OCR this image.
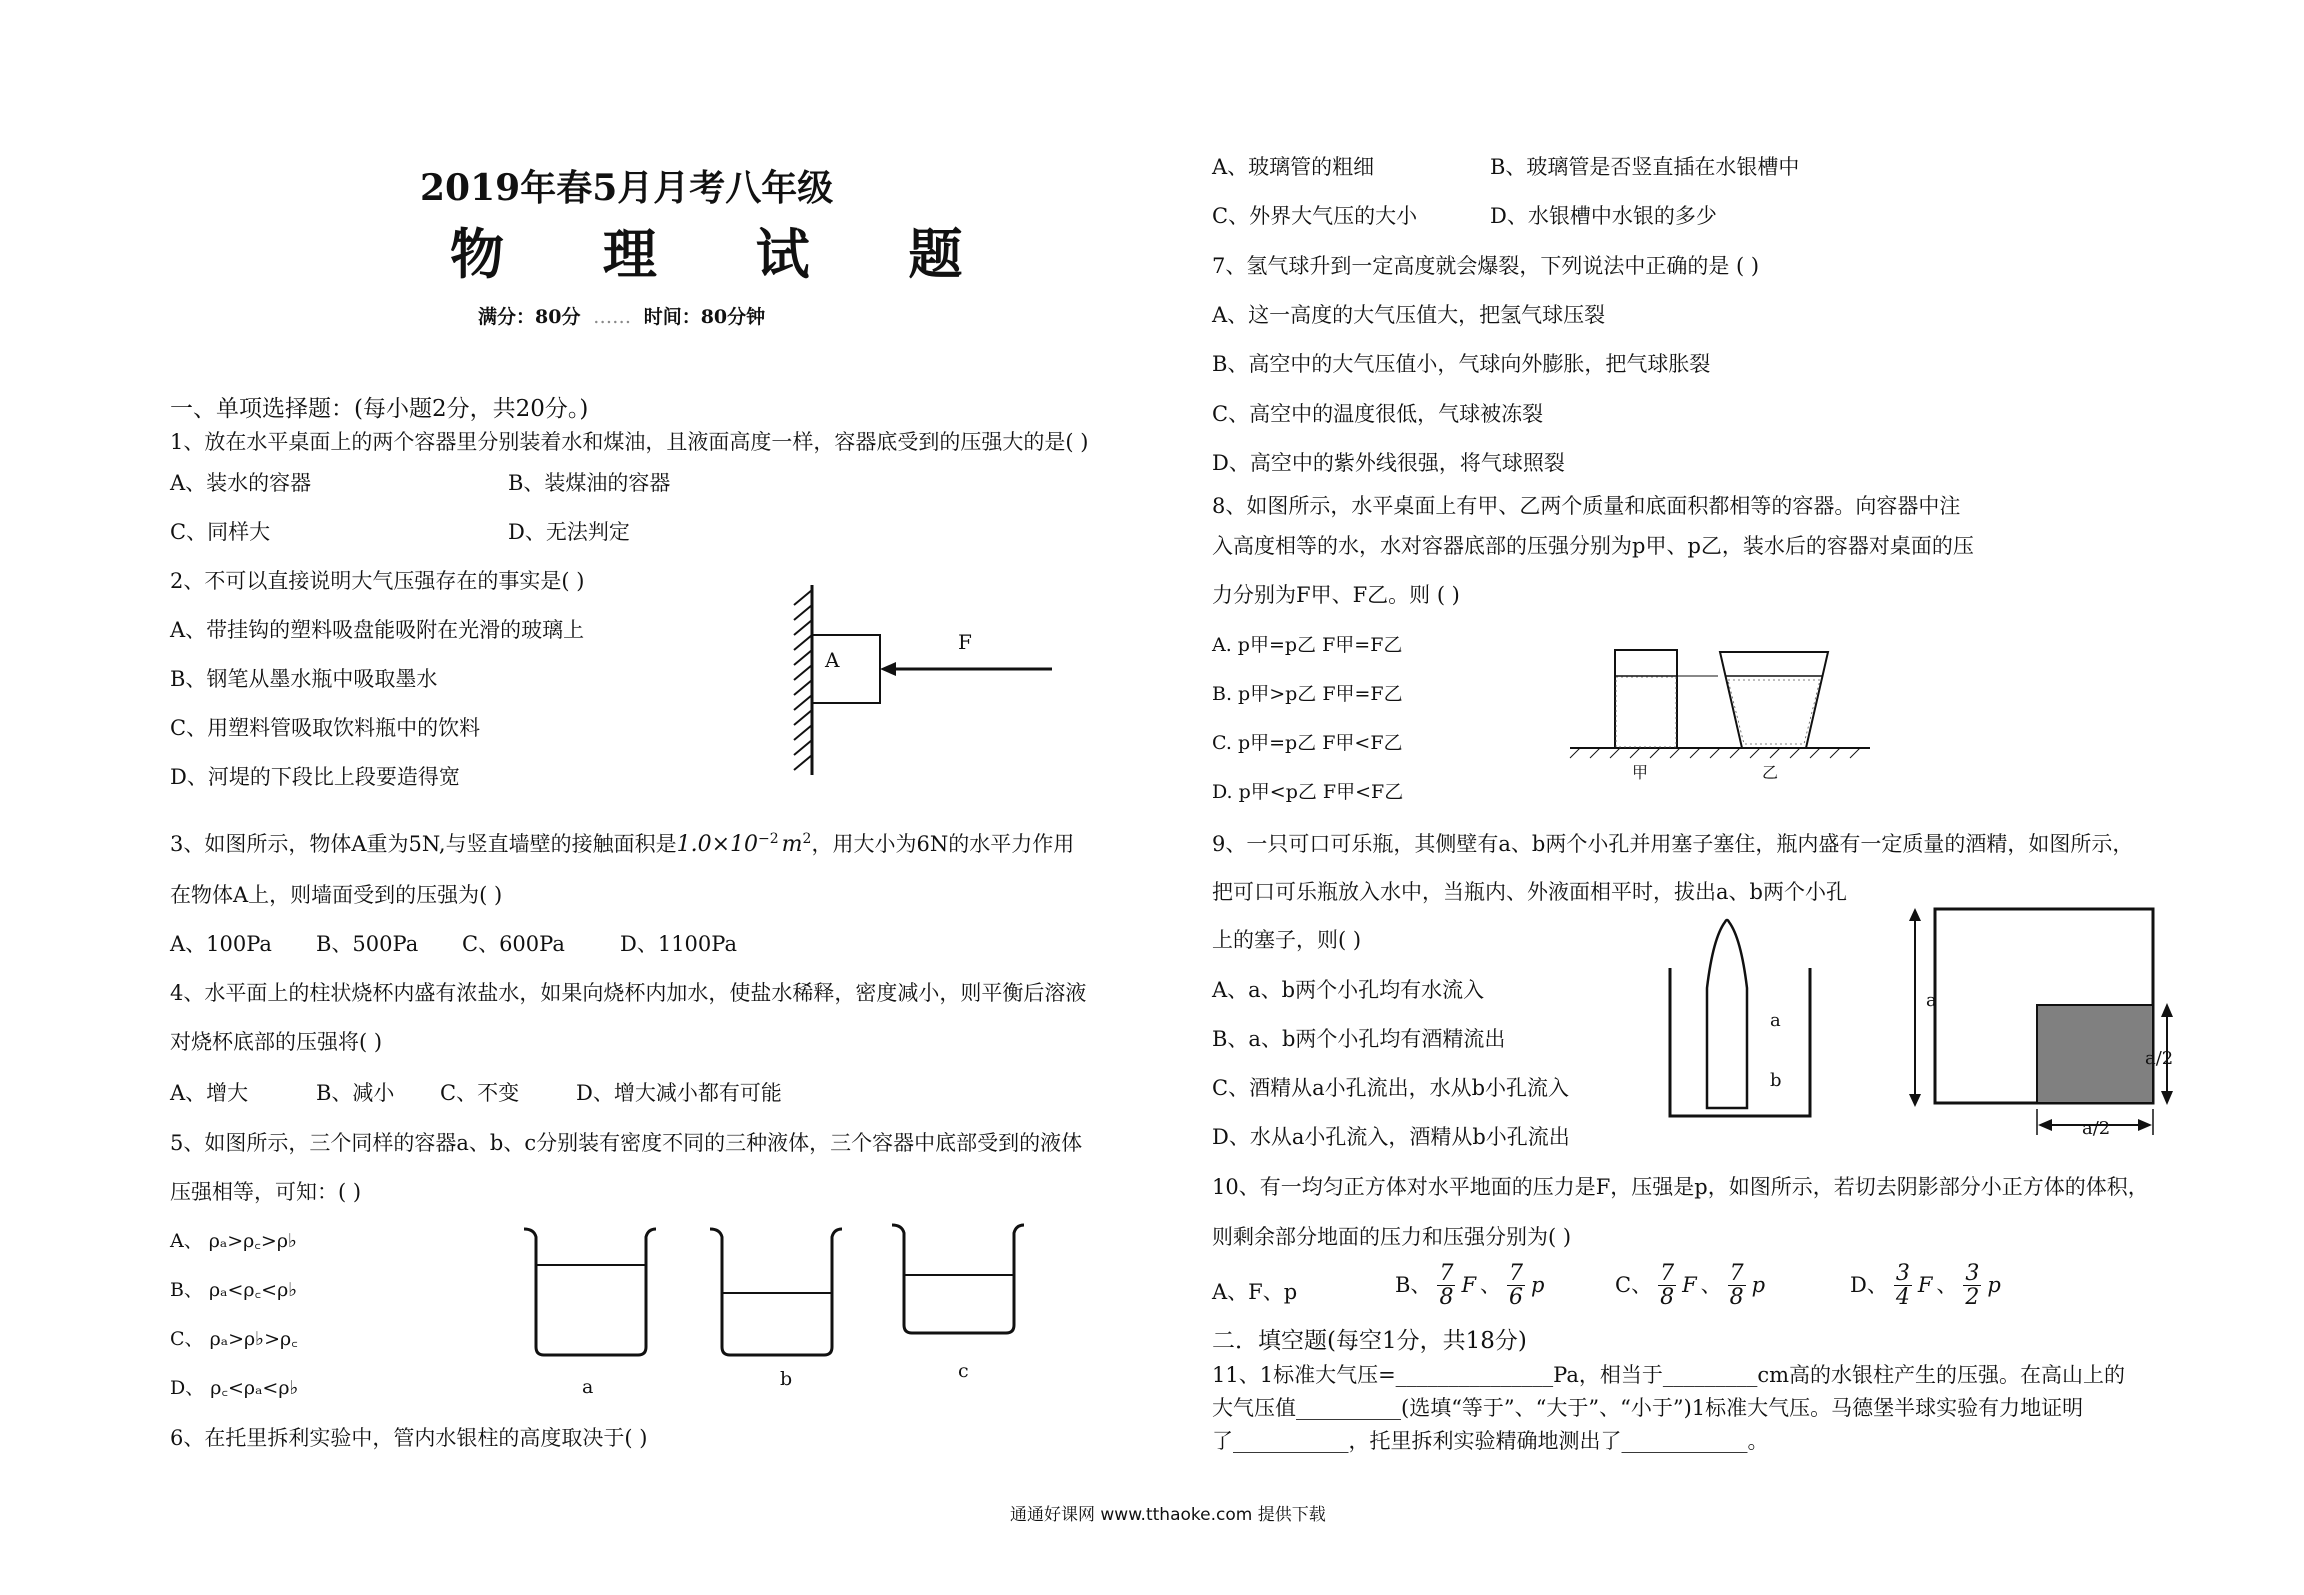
2019年春5月月考八年级
物 理 试 题
满分：80分 …… 时间：80分钟
一、单项选择题：(每小题2分，共20分。)
1、放在水平桌面上的两个容器里分别装着水和煤油，且液面高度一样，容器底受到的压强大的是( )
A、装水的容器	B、装煤油的容器
C、同样大	D、无法判定
2、不可以直接说明大气压强存在的事实是( )
A、带挂钩的塑料吸盘能吸附在光滑的玻璃上
B、钢笔从墨水瓶中吸取墨水
C、用塑料管吸取饮料瓶中的饮料
D、河堤的下段比上段要造得宽
A
F
3、如图所示，物体A重为5N,与竖直墙壁的接触面积是$1.0\times 10^{-2}$ $m^2$，用大小为6N的水平力作用
在物体A上，则墙面受到的压强为( )
A、100Pa B、500Pa C、600Pa	D、1100Pa
4、水平面上的柱状烧杯内盛有浓盐水，如果向烧杯内加水，使盐水稀释，密度减小，则平衡后溶液
对烧杯底部的压强将( )
A、增大	B、减小 C、不变	D、增大减小都有可能
5、如图所示，三个同样的容器a、b、c分别装有密度不同的三种液体，三个容器中底部受到的液体
压强相等，可知：( )
A、 ρₐ>ρ꜀>ρ♭
B、 ρₐ<ρ꜀<ρ♭
C、 ρₐ>ρ♭>ρ꜀
D、 ρ꜀<ρₐ<ρ♭	a	b	c
6、在托里拆利实验中，管内水银柱的高度取决于( )
A、玻璃管的粗细	B、玻璃管是否竖直插在水银槽中
C、外界大气压的大小	D、水银槽中水银的多少
7、氢气球升到一定高度就会爆裂，下列说法中正确的是 ( )
A、这一高度的大气压值大，把氢气球压裂
B、高空中的大气压值小，气球向外膨胀，把气球胀裂
C、高空中的温度很低，气球被冻裂
D、高空中的紫外线很强，将气球照裂
8、如图所示，水平桌面上有甲、乙两个质量和底面积都相等的容器。向容器中注
入高度相等的水，水对容器底部的压强分别为p甲、p乙，装水后的容器对桌面的压
力分别为F甲、F乙。则 ( )
A. p甲=p乙 F甲=F乙
B. p甲>p乙 F甲=F乙
C. p甲=p乙 F甲<F乙
D. p甲<p乙 F甲<F乙
甲	乙
9、一只可口可乐瓶，其侧壁有a、b两个小孔并用塞子塞住，瓶内盛有一定质量的酒精，如图所示，
把可口可乐瓶放入水中，当瓶内、外液面相平时，拔出a、b两个小孔
上的塞子，则( )
A、a、b两个小孔均有水流入
B、a、b两个小孔均有酒精流出
C、酒精从a小孔流出，水从b小孔流入
D、水从a小孔流入，酒精从b小孔流出
a
b
a
a/2
a/2
10、有一均匀正方体对水平地面的压力是F，压强是p，如图所示，若切去阴影部分小正方体的体积，
则剩余部分地面的压力和压强分别为( )
A、F、p	B、 $\frac{7}{8}$ F 、 $\frac{7}{6}$ p	C、 $\frac{7}{8}$ F 、 $\frac{7}{8}$ p	D、 $\frac{3}{4}$ F 、 $\frac{3}{2}$ p
二．填空题(每空1分，共18分)
11、1标准大气压=_______________Pa，相当于_________cm高的水银柱产生的压强。在高山上的
大气压值__________(选填“等于”、“大于”、“小于”)1标准大气压。马德堡半球实验有力地证明
了___________，托里拆利实验精确地测出了____________。
通通好课网 www.tthaoke.com 提供下载
